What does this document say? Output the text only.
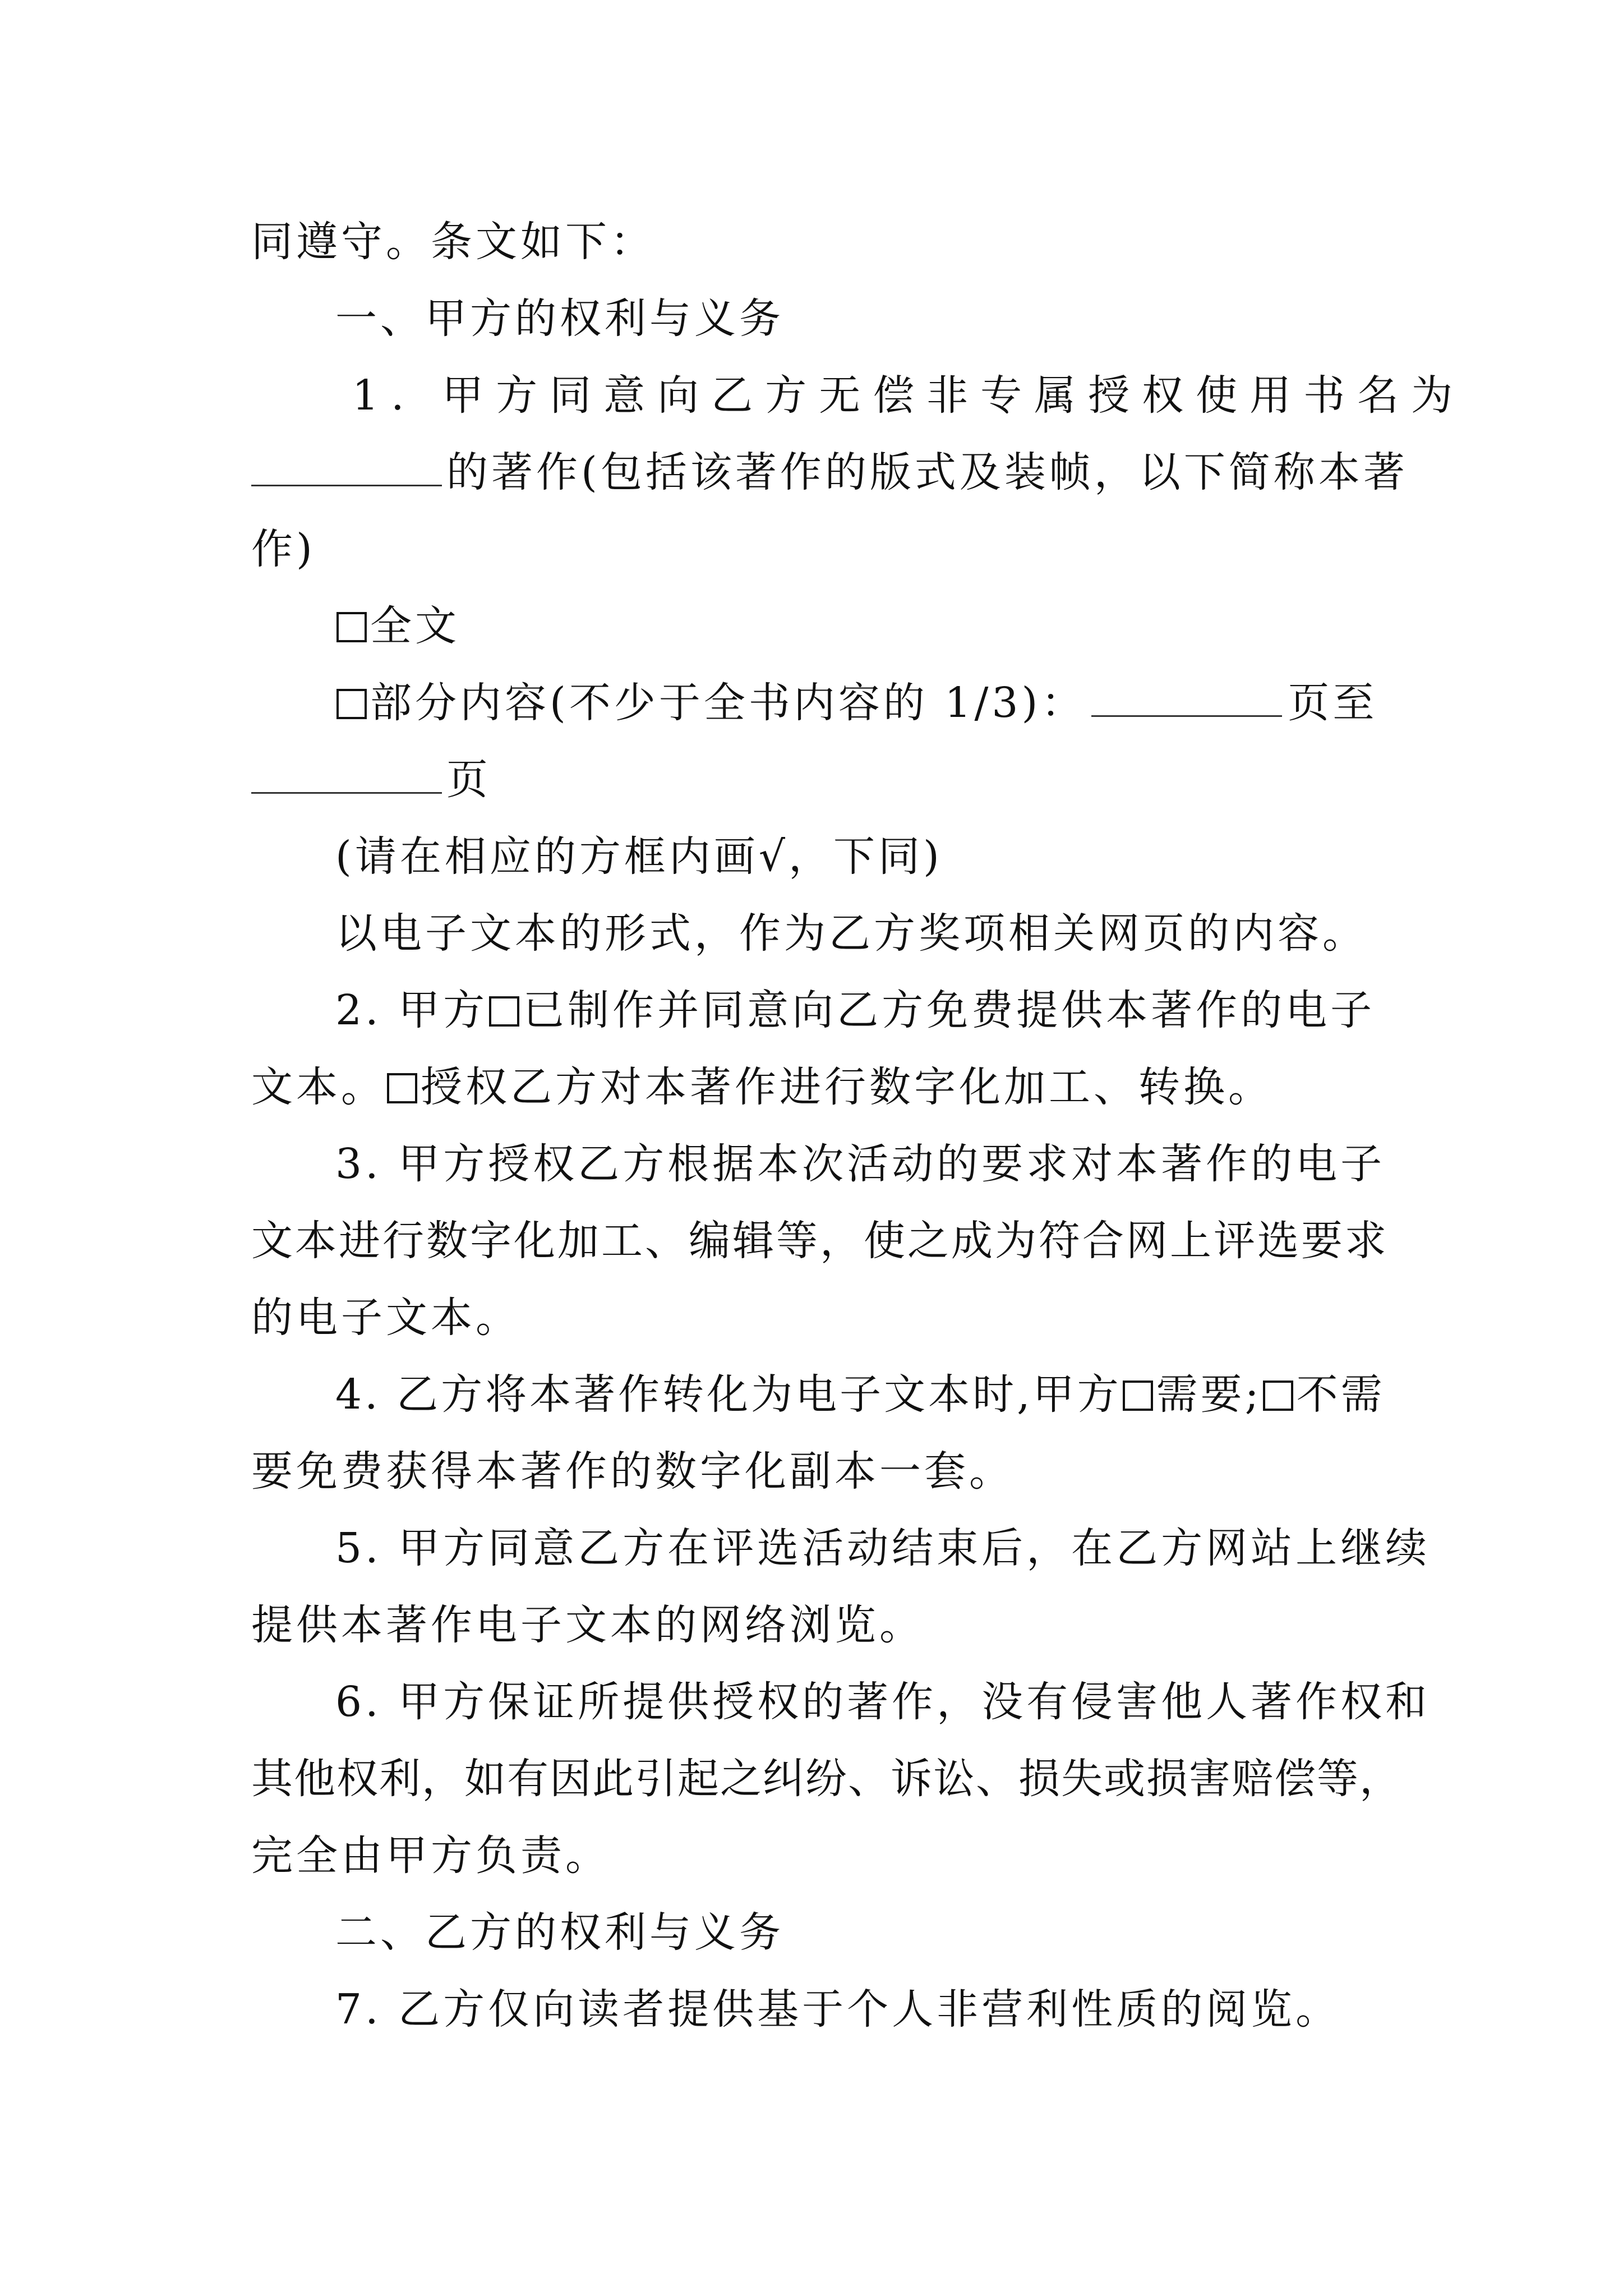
同遵守。条文如下：
一、甲方的权利与义务
1. 甲方同意向乙方无偿非专属授权使用书名为
的著作(包括该著作的版式及装帧，以下简称本著
作)
全文
部分内容(不少于全书内容的 1/3)：	页至
页
(请在相应的方框内画√，下同)
以电子文本的形式，作为乙方奖项相关网页的内容。
2. 甲方 已制作并同意向乙方免费提供本著作的电子
文本。 授权乙方对本著作进行数字化加工、转换。
3. 甲方授权乙方根据本次活动的要求对本著作的电子
文本进行数字化加工、编辑等，使之成为符合网上评选要求
的电子文本。
4. 乙方将本著作转化为电子文本时,甲方 需要; 不需
要免费获得本著作的数字化副本一套。
5. 甲方同意乙方在评选活动结束后，在乙方网站上继续
提供本著作电子文本的网络浏览。
6. 甲方保证所提供授权的著作，没有侵害他人著作权和
其他权利，如有因此引起之纠纷、诉讼、损失或损害赔偿等，
完全由甲方负责。
二、乙方的权利与义务
7. 乙方仅向读者提供基于个人非营利性质的阅览。
